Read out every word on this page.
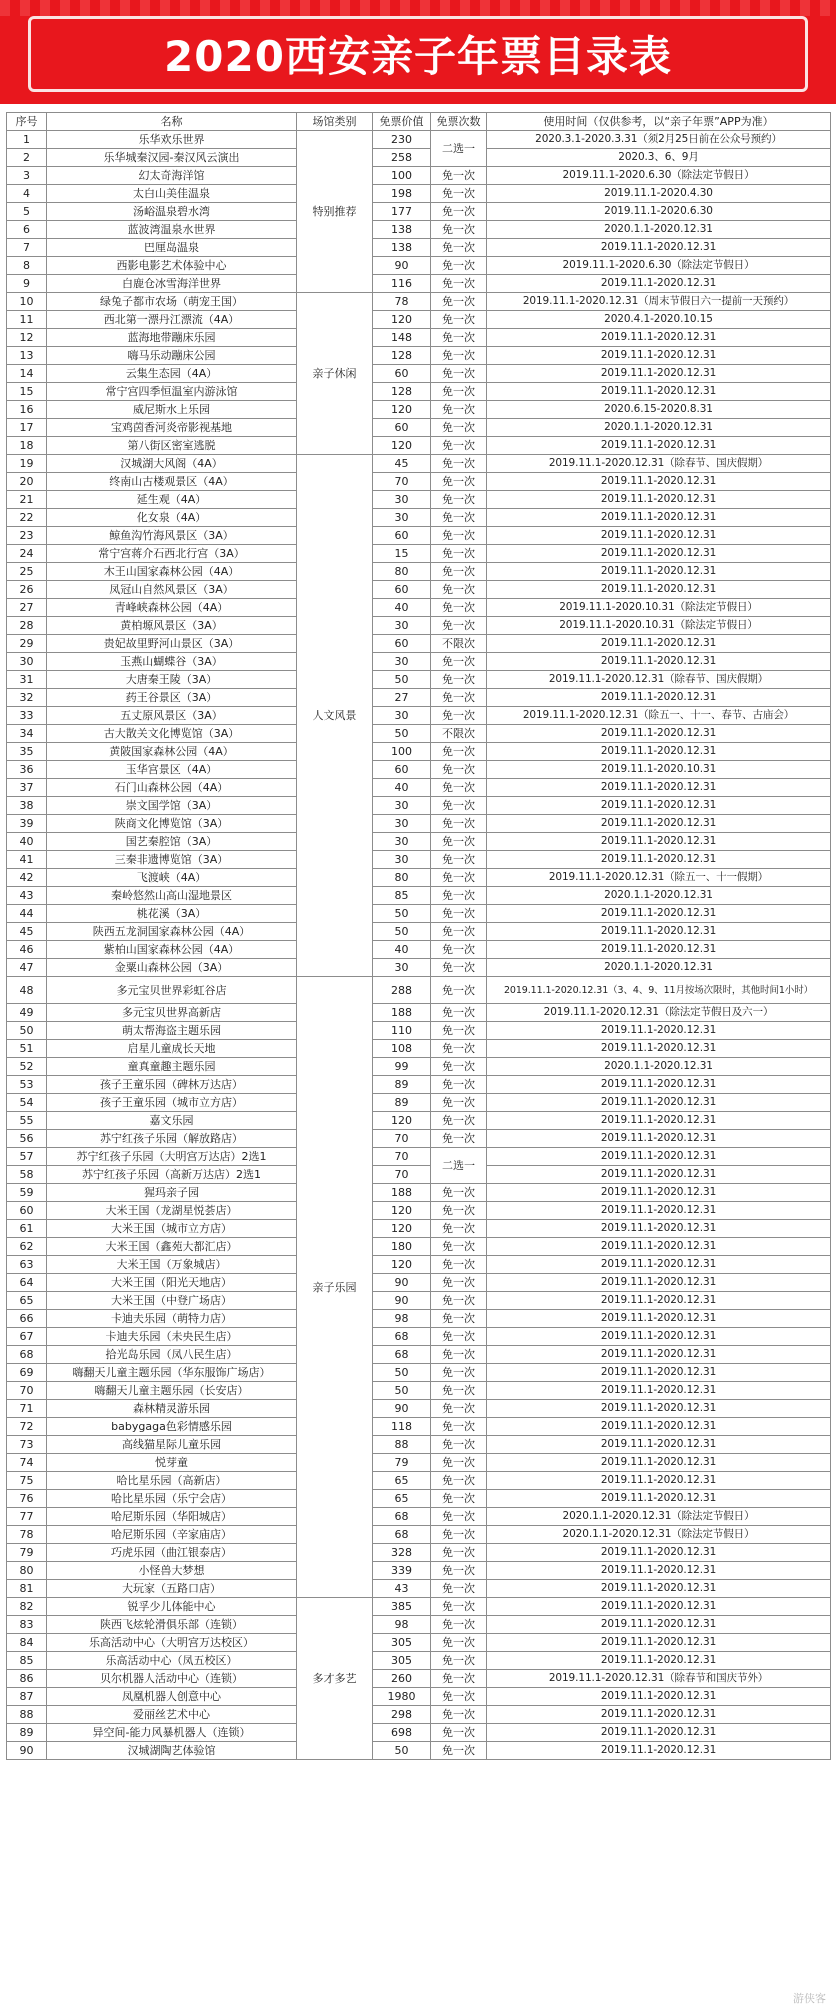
2020西安亲子年票目录表
序号	名称	场馆类别	免票价值	免票次数	使用时间（仅供参考，以“亲子年票”APP为准）
1	乐华欢乐世界	特别推荐	230	二选一	2020.3.1-2020.3.31（须2月25日前在公众号预约）
2	乐华城秦汉园-秦汉风云演出		258		2020.3、6、9月
3	幻太奇海洋馆		100	免一次	2019.11.1-2020.6.30（除法定节假日）
4	太白山美佳温泉		198	免一次	2019.11.1-2020.4.30
5	汤峪温泉碧水湾		177	免一次	2019.11.1-2020.6.30
6	蓝波湾温泉水世界		138	免一次	2020.1.1-2020.12.31
7	巴厘岛温泉		138	免一次	2019.11.1-2020.12.31
8	西影电影艺术体验中心		90	免一次	2019.11.1-2020.6.30（除法定节假日）
9	白鹿仓冰雪海洋世界		116	免一次	2019.11.1-2020.12.31
10	绿兔子都市农场（萌宠王国）	亲子休闲	78	免一次	2019.11.1-2020.12.31（周末节假日六一提前一天预约）
11	西北第一漂丹江漂流（4A）		120	免一次	2020.4.1-2020.10.15
12	蓝海地带蹦床乐园		148	免一次	2019.11.1-2020.12.31
13	嗨马乐动蹦床公园		128	免一次	2019.11.1-2020.12.31
14	云集生态园（4A）		60	免一次	2019.11.1-2020.12.31
15	常宁宫四季恒温室内游泳馆		128	免一次	2019.11.1-2020.12.31
16	威尼斯水上乐园		120	免一次	2020.6.15-2020.8.31
17	宝鸡茵香河炎帝影视基地		60	免一次	2020.1.1-2020.12.31
18	第八街区密室逃脱		120	免一次	2019.11.1-2020.12.31
19	汉城湖大风阁（4A）	人文风景	45	免一次	2019.11.1-2020.12.31（除春节、国庆假期）
20	终南山古楼观景区（4A）		70	免一次	2019.11.1-2020.12.31
21	延生观（4A）		30	免一次	2019.11.1-2020.12.31
22	化女泉（4A）		30	免一次	2019.11.1-2020.12.31
23	鲸鱼沟竹海风景区（3A）		60	免一次	2019.11.1-2020.12.31
24	常宁宫蒋介石西北行宫（3A）		15	免一次	2019.11.1-2020.12.31
25	木王山国家森林公园（4A）		80	免一次	2019.11.1-2020.12.31
26	凤冠山自然风景区（3A）		60	免一次	2019.11.1-2020.12.31
27	青峰峡森林公园（4A）		40	免一次	2019.11.1-2020.10.31（除法定节假日）
28	黄柏塬风景区（3A）		30	免一次	2019.11.1-2020.10.31（除法定节假日）
29	贵妃故里野河山景区（3A）		60	不限次	2019.11.1-2020.12.31
30	玉燕山蝴蝶谷（3A）		30	免一次	2019.11.1-2020.12.31
31	大唐秦王陵（3A）		50	免一次	2019.11.1-2020.12.31（除春节、国庆假期）
32	药王谷景区（3A）		27	免一次	2019.11.1-2020.12.31
33	五丈原风景区（3A）		30	免一次	2019.11.1-2020.12.31（除五一、十一、春节、古庙会）
34	古大散关文化博览馆（3A）		50	不限次	2019.11.1-2020.12.31
35	黄陂国家森林公园（4A）		100	免一次	2019.11.1-2020.12.31
36	玉华宫景区（4A）		60	免一次	2019.11.1-2020.10.31
37	石门山森林公园（4A）		40	免一次	2019.11.1-2020.12.31
38	崇文国学馆（3A）		30	免一次	2019.11.1-2020.12.31
39	陕商文化博览馆（3A）		30	免一次	2019.11.1-2020.12.31
40	国艺秦腔馆（3A）		30	免一次	2019.11.1-2020.12.31
41	三秦非遗博览馆（3A）		30	免一次	2019.11.1-2020.12.31
42	飞渡峡（4A）		80	免一次	2019.11.1-2020.12.31（除五一、十一假期）
43	秦岭悠然山高山湿地景区		85	免一次	2020.1.1-2020.12.31
44	桃花溪（3A）		50	免一次	2019.11.1-2020.12.31
45	陕西五龙洞国家森林公园（4A）		50	免一次	2019.11.1-2020.12.31
46	紫柏山国家森林公园（4A）		40	免一次	2019.11.1-2020.12.31
47	金粟山森林公园（3A）		30	免一次	2020.1.1-2020.12.31
48	多元宝贝世界彩虹谷店	亲子乐园	288	免一次	2019.11.1-2020.12.31（3、4、9、11月按场次限时，其他时间1小时）
49	多元宝贝世界高新店		188	免一次	2019.11.1-2020.12.31（除法定节假日及六一）
50	萌太帮海盗主题乐园		110	免一次	2019.11.1-2020.12.31
51	启星儿童成长天地		108	免一次	2019.11.1-2020.12.31
52	童真童趣主题乐园		99	免一次	2020.1.1-2020.12.31
53	孩子王童乐园（碑林万达店）		89	免一次	2019.11.1-2020.12.31
54	孩子王童乐园（城市立方店）		89	免一次	2019.11.1-2020.12.31
55	嘉文乐园		120	免一次	2019.11.1-2020.12.31
56	苏宁红孩子乐园（解放路店）		70	免一次	2019.11.1-2020.12.31
57	苏宁红孩子乐园（大明宫万达店）2选1		70	二选一	2019.11.1-2020.12.31
58	苏宁红孩子乐园（高新万达店）2选1		70		2019.11.1-2020.12.31
59	猩玛亲子园		188	免一次	2019.11.1-2020.12.31
60	大米王国（龙湖星悦荟店）		120	免一次	2019.11.1-2020.12.31
61	大米王国（城市立方店）		120	免一次	2019.11.1-2020.12.31
62	大米王国（鑫苑大都汇店）		180	免一次	2019.11.1-2020.12.31
63	大米王国（万象城店）		120	免一次	2019.11.1-2020.12.31
64	大米王国（阳光天地店）		90	免一次	2019.11.1-2020.12.31
65	大米王国（中登广场店）		90	免一次	2019.11.1-2020.12.31
66	卡迪夫乐园（萌特力店）		98	免一次	2019.11.1-2020.12.31
67	卡迪夫乐园（未央民生店）		68	免一次	2019.11.1-2020.12.31
68	拾光岛乐园（凤八民生店）		68	免一次	2019.11.1-2020.12.31
69	嗨翻天儿童主题乐园（华东服饰广场店）		50	免一次	2019.11.1-2020.12.31
70	嗨翻天儿童主题乐园（长安店）		50	免一次	2019.11.1-2020.12.31
71	森林精灵游乐园		90	免一次	2019.11.1-2020.12.31
72	babygaga色彩情感乐园		118	免一次	2019.11.1-2020.12.31
73	高线猫星际儿童乐园		88	免一次	2019.11.1-2020.12.31
74	悦芽童		79	免一次	2019.11.1-2020.12.31
75	哈比星乐园（高新店）		65	免一次	2019.11.1-2020.12.31
76	哈比星乐园（乐宁会店）		65	免一次	2019.11.1-2020.12.31
77	哈尼斯乐园（华阳城店）		68	免一次	2020.1.1-2020.12.31（除法定节假日）
78	哈尼斯乐园（辛家庙店）		68	免一次	2020.1.1-2020.12.31（除法定节假日）
79	巧虎乐园（曲江银泰店）		328	免一次	2019.11.1-2020.12.31
80	小怪兽大梦想		339	免一次	2019.11.1-2020.12.31
81	大玩家（五路口店）		43	免一次	2019.11.1-2020.12.31
82	锐孚少儿体能中心	多才多艺	385	免一次	2019.11.1-2020.12.31
83	陕西飞炫轮滑俱乐部（连锁）		98	免一次	2019.11.1-2020.12.31
84	乐高活动中心（大明宫万达校区）		305	免一次	2019.11.1-2020.12.31
85	乐高活动中心（凤五校区）		305	免一次	2019.11.1-2020.12.31
86	贝尔机器人活动中心（连锁）		260	免一次	2019.11.1-2020.12.31（除春节和国庆节外）
87	凤凰机器人创意中心		1980	免一次	2019.11.1-2020.12.31
88	爱丽丝艺术中心		298	免一次	2019.11.1-2020.12.31
89	异空间-能力风暴机器人（连锁）		698	免一次	2019.11.1-2020.12.31
90	汉城湖陶艺体验馆		50	免一次	2019.11.1-2020.12.31
游侠客
